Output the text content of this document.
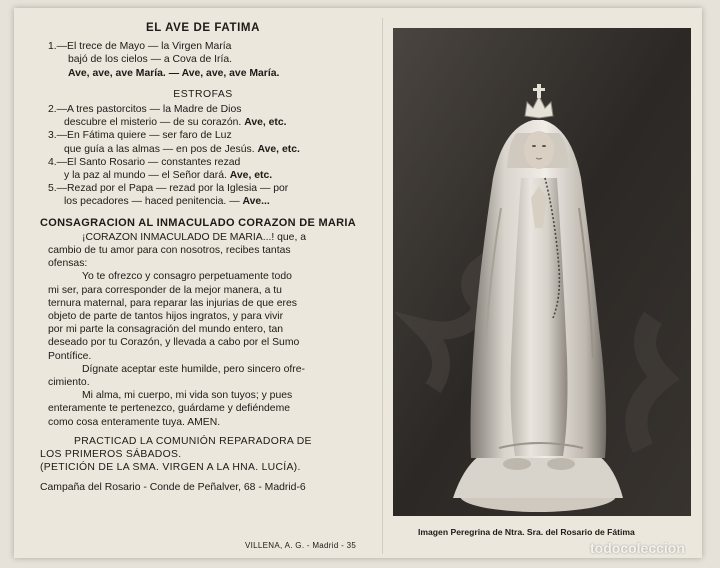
EL AVE DE FATIMA
1.—El trece de Mayo — la Virgen María
bajó de los cielos — a Cova de Iría.
Ave, ave, ave María. — Ave, ave, ave María.
ESTROFAS
2.—A tres pastorcitos — la Madre de Dios
descubre el misterio — de su corazón. Ave, etc.
3.—En Fátima quiere — ser faro de Luz
que guía a las almas — en pos de Jesús. Ave, etc.
4.—El Santo Rosario — constantes rezad
y la paz al mundo — el Señor dará. Ave, etc.
5.—Rezad por el Papa — rezad por la Iglesia — por
los pecadores — haced penitencia. — Ave...
CONSAGRACION AL INMACULADO CORAZON DE MARIA
¡CORAZON INMACULADO DE MARIA...! que, a
cambio de tu amor para con nosotros, recibes tantas
ofensas:
Yo te ofrezco y consagro perpetuamente todo
mi ser, para corresponder de la mejor manera, a tu
ternura maternal, para reparar las injurias de que eres
objeto de parte de tantos hijos ingratos, y para vivir
por mi parte la consagración del mundo entero, tan
deseado por tu Corazón, y llevada a cabo por el Sumo
Pontífice.
Dígnate aceptar este humilde, pero sincero ofre-
cimiento.
Mi alma, mi cuerpo, mi vida son tuyos; y pues
enteramente te pertenezco, guárdame y defiéndeme
como cosa enteramente tuya. AMEN.
PRACTICAD LA COMUNIÓN REPARADORA DE
LOS PRIMEROS SÁBADOS.
(PETICIÓN DE LA SMA. VIRGEN A LA HNA. LUCÍA).
Campaña del Rosario - Conde de Peñalver, 68 - Madrid-6
VILLENA, A. G. - Madrid - 35
Imagen Peregrina de Ntra. Sra. del Rosario de Fátima
todocoleccion
